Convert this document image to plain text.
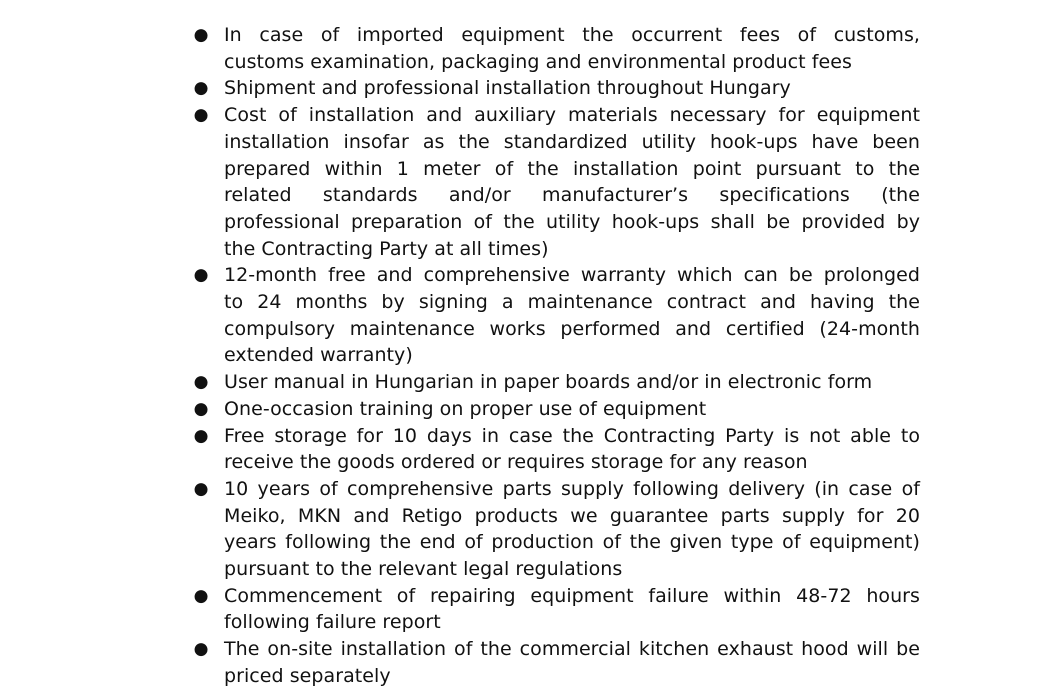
● In case of imported equipment the occurrent fees of customs,
customs examination, packaging and environmental product fees
● Shipment and professional installation throughout Hungary
● Cost of installation and auxiliary materials necessary for equipment
installation insofar as the standardized utility hook-ups have been
prepared within 1 meter of the installation point pursuant to the
related standards and/or manufacturer’s specifications (the
professional preparation of the utility hook-ups shall be provided by
the Contracting Party at all times)
● 12-month free and comprehensive warranty which can be prolonged
to 24 months by signing a maintenance contract and having the
compulsory maintenance works performed and certified (24-month
extended warranty)
● User manual in Hungarian in paper boards and/or in electronic form
● One-occasion training on proper use of equipment
● Free storage for 10 days in case the Contracting Party is not able to
receive the goods ordered or requires storage for any reason
● 10 years of comprehensive parts supply following delivery (in case of
Meiko, MKN and Retigo products we guarantee parts supply for 20
years following the end of production of the given type of equipment)
pursuant to the relevant legal regulations
● Commencement of repairing equipment failure within 48-72 hours
following failure report
● The on-site installation of the commercial kitchen exhaust hood will be
priced separately
